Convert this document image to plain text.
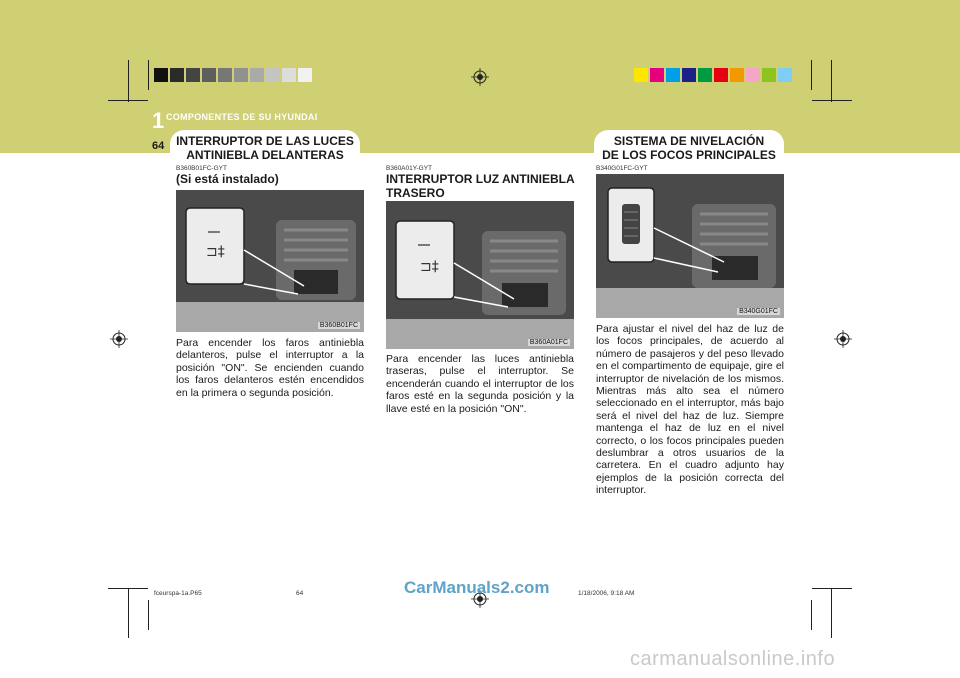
1 COMPONENTES DE SU HYUNDAI
64 INTERRUPTOR DE LAS LUCES
ANTINIEBLA DELANTERAS
SISTEMA DE NIVELACIÓN
DE LOS FOCOS PRINCIPALES
B360B01FC-GYT
(Si está instalado)
⊐‡
B360B01FC
Para encender los faros antiniebla delanteros, pulse el interruptor a la posición "ON". Se encienden cuando los faros delanteros estén encendidos en la primera o segunda posición.
B360A01Y-GYT
INTERRUPTOR LUZ ANTINIEBLA TRASERO
⊐‡
B360A01FC
Para encender las luces antiniebla traseras, pulse el interruptor. Se encenderán cuando el interruptor de los faros esté en la segunda posición y la llave esté en la posición "ON".
B340G01FC-GYT
B340G01FC
Para ajustar el nivel del haz de luz de los focos principales, de acuerdo al número de pasajeros y del peso llevado en el compartimento de equipaje, gire el interruptor de nivelación de los mismos. Mientras más alto sea el número seleccionado en el interruptor, más bajo será el nivel del haz de luz. Siempre mantenga el haz de luz en el nivel correcto, o los focos principales pueden deslumbrar a otros usuarios de la carretera. En el cuadro adjunto hay ejemplos de la posición correcta del interruptor.
fceurspa-1a.P65	64	1/18/2006, 9:18 AM
CarManuals2.com
carmanualsonline.info
